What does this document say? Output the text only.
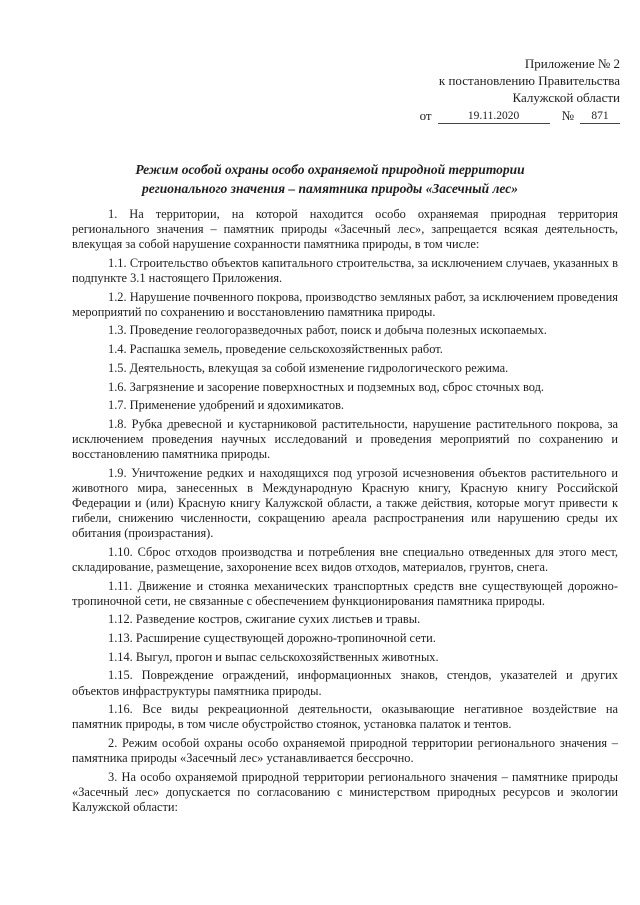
Приложение № 2
к постановлению Правительства
Калужской области
от	19.11.2020	№	871
Режим особой охраны особо охраняемой природной территории
регионального значения – памятника природы «Засечный лес»

1. На территории, на которой находится особо охраняемая природная территория регионального значения – памятник природы «Засечный лес», запрещается всякая деятельность, влекущая за собой нарушение сохранности памятника природы, в том числе:

1.1. Строительство объектов капитального строительства, за исключением случаев, указанных в подпункте 3.1 настоящего Приложения.

1.2. Нарушение почвенного покрова, производство земляных работ, за исключением проведения мероприятий по сохранению и восстановлению памятника природы.

1.3. Проведение геологоразведочных работ, поиск и добыча полезных ископаемых.

1.4. Распашка земель, проведение сельскохозяйственных работ.

1.5. Деятельность, влекущая за собой изменение гидрологического режима.

1.6. Загрязнение и засорение поверхностных и подземных вод, сброс сточных вод.

1.7. Применение удобрений и ядохимикатов.

1.8. Рубка древесной и кустарниковой растительности, нарушение растительного покрова, за исключением проведения научных исследований и проведения мероприятий по сохранению и восстановлению памятника природы.

1.9. Уничтожение редких и находящихся под угрозой исчезновения объектов растительного и животного мира, занесенных в Международную Красную книгу, Красную книгу Российской Федерации и (или) Красную книгу Калужской области, а также действия, которые могут привести к гибели, снижению численности, сокращению ареала распространения или нарушению среды их обитания (произрастания).

1.10. Сброс отходов производства и потребления вне специально отведенных для этого мест, складирование, размещение, захоронение всех видов отходов, материалов, грунтов, снега.

1.11. Движение и стоянка механических транспортных средств вне существующей дорожно-тропиночной сети, не связанные с обеспечением функционирования памятника природы.

1.12. Разведение костров, сжигание сухих листьев и травы.

1.13. Расширение существующей дорожно-тропиночной сети.

1.14. Выгул, прогон и выпас сельскохозяйственных животных.

1.15. Повреждение ограждений, информационных знаков, стендов, указателей и других объектов инфраструктуры памятника природы.

1.16. Все виды рекреационной деятельности, оказывающие негативное воздействие на памятник природы, в том числе обустройство стоянок, установка палаток и тентов.

2. Режим особой охраны особо охраняемой природной территории регионального значения – памятника природы «Засечный лес» устанавливается бессрочно.

3. На особо охраняемой природной территории регионального значения – памятнике природы «Засечный лес» допускается по согласованию с министерством природных ресурсов и экологии Калужской области:
